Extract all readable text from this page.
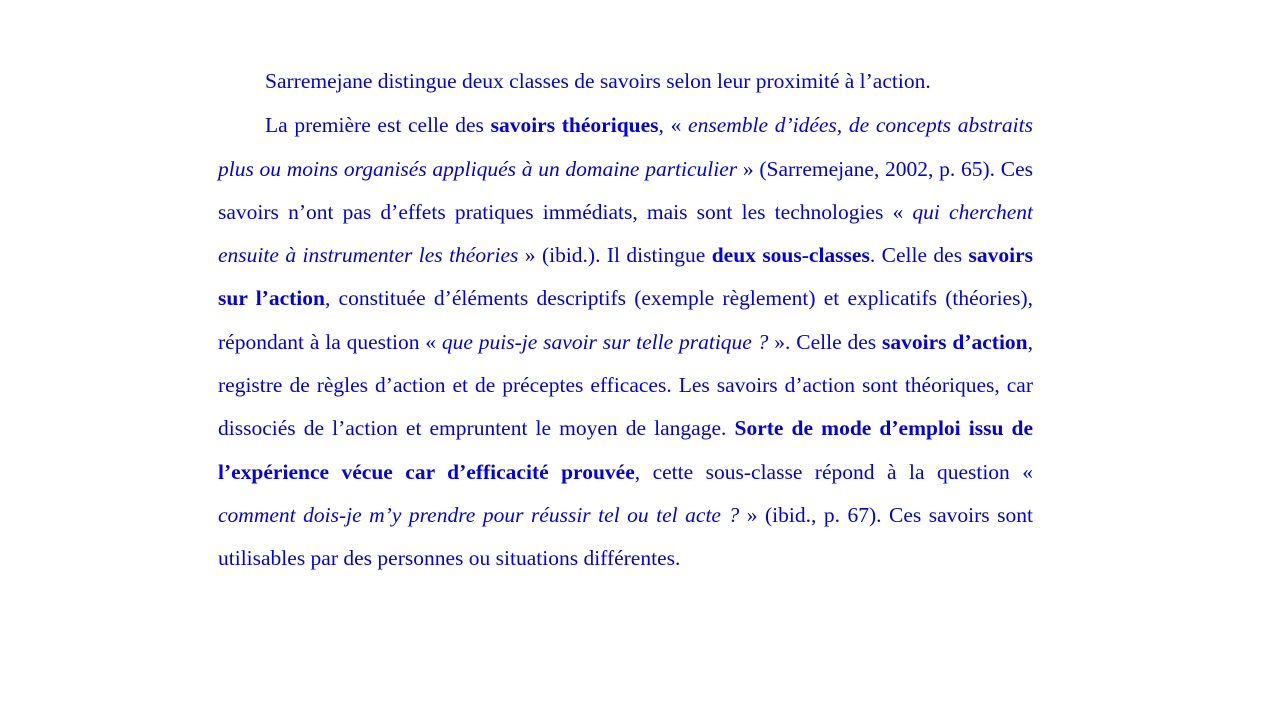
Sarremejane distingue deux classes de savoirs selon leur proximité à l’action.

La première est celle des savoirs théoriques, « ensemble d’idées, de concepts abstraits plus ou moins organisés appliqués à un domaine particulier » (Sarremejane, 2002, p. 65). Ces savoirs n’ont pas d’effets pratiques immédiats, mais sont les technologies « qui cherchent ensuite à instrumenter les théories » (ibid.). Il distingue deux sous-classes. Celle des savoirs sur l’action, constituée d’éléments descriptifs (exemple règlement) et explicatifs (théories), répondant à la question « que puis-je savoir sur telle pratique ? ». Celle des savoirs d’action, registre de règles d’action et de préceptes efficaces. Les savoirs d’action sont théoriques, car dissociés de l’action et empruntent le moyen de langage. Sorte de mode d’emploi issu de l’expérience vécue car d’efficacité prouvée, cette sous-classe répond à la question « comment dois-je m’y prendre pour réussir tel ou tel acte ? » (ibid., p. 67). Ces savoirs sont utilisables par des personnes ou situations différentes.
